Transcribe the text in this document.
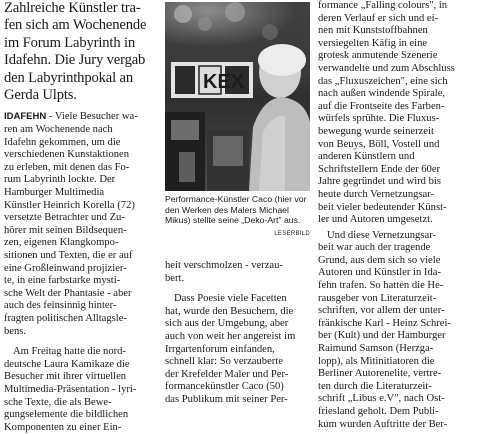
Zahlreiche Künstler tra-
fen sich am Wochenende
im Forum Labyrinth in
Idafehn. Die Jury vergab
den Labyrinthpokal an
Gerda Ulpts.
IDAFEHN - Viele Besucher wa-
ren am Wochenende nach
Idafehn gekommen, um die
verschiedenen Kunstaktionen
zu erleben, mit denen das Fo-
rum Labyrinth lockte. Der
Hamburger Multimedia
Künstler Heinrich Korella (72)
versetzte Betrachter und Zu-
hörer mit seinen Bildsequen-
zen, eigenen Klangkompo-
sitionen und Texten, die er auf
eine Großleinwand projizier-
te, in eine farbstarke mysti-
sche Welt der Phantasie - aber
auch des feinsinnig hinter-
fragten politischen Alltagsle-
bens.
Am Freitag hatte die nord-
deutsche Laura Kamikaze die
Besucher mit ihrer virtuellen
Multimedia-Präsentation - lyri-
sche Texte, die als Bewe-
gungselemente die bildlichen
Komponenten zu einer Ein-
KEX
Performance-Künstler Caco (hier vor den Werken des Malers Michael Mikus) stellte seine „Deko-Art" aus.
LESERBILD
heit verschmolzen - verzau-
bert.
Dass Poesie viele Facetten
hat, wurde den Besuchern, die
sich aus der Umgebung, aber
auch von weit her angereist im
Irrgartenforum einfanden,
schnell klar: So verzauberte
der Krefelder Maler und Per-
formancekünstler Caco (50)
das Publikum mit seiner Per-
formance „Falling colours", in
deren Verlauf er sich und ei-
nen mit Kunststoffbahnen
versiegelten Käfig in eine
grotesk anmutende Szenerie
verwandelte und zum Abschluss
das „Fluxuszeichen", eine sich
nach außen windende Spirale,
auf die Frontseite des Farben-
würfels sprühte. Die Fluxus-
bewegung wurde seinerzeit
von Beuys, Böll, Vostell und
anderen Künstlern und
Schriftstellern Ende der 60er
Jahre gegründet und wird bis
heute durch Vernetzungsar-
beit vieler bedeutender Künst-
ler und Autoren umgesetzt.
Und diese Vernetzungsar-
beit war auch der tragende
Grund, aus dem sich so viele
Autoren und Künstler in Ida-
fehn trafen. So hatten die He-
rausgeber von Literaturzeit-
schriften, vor allem der unter-
fränkische Karl - Heinz Schrei-
ber (Kult) und der Hamburger
Raimund Samson (Herzga-
lopp), als Mitinitiatoren die
Berliner Autorenelite, vertre-
ten durch die Literaturzeit-
schrift „Libus e.V", nach Ost-
friesland geholt. Dem Publi-
kum wurden Auftritte der Ber-
